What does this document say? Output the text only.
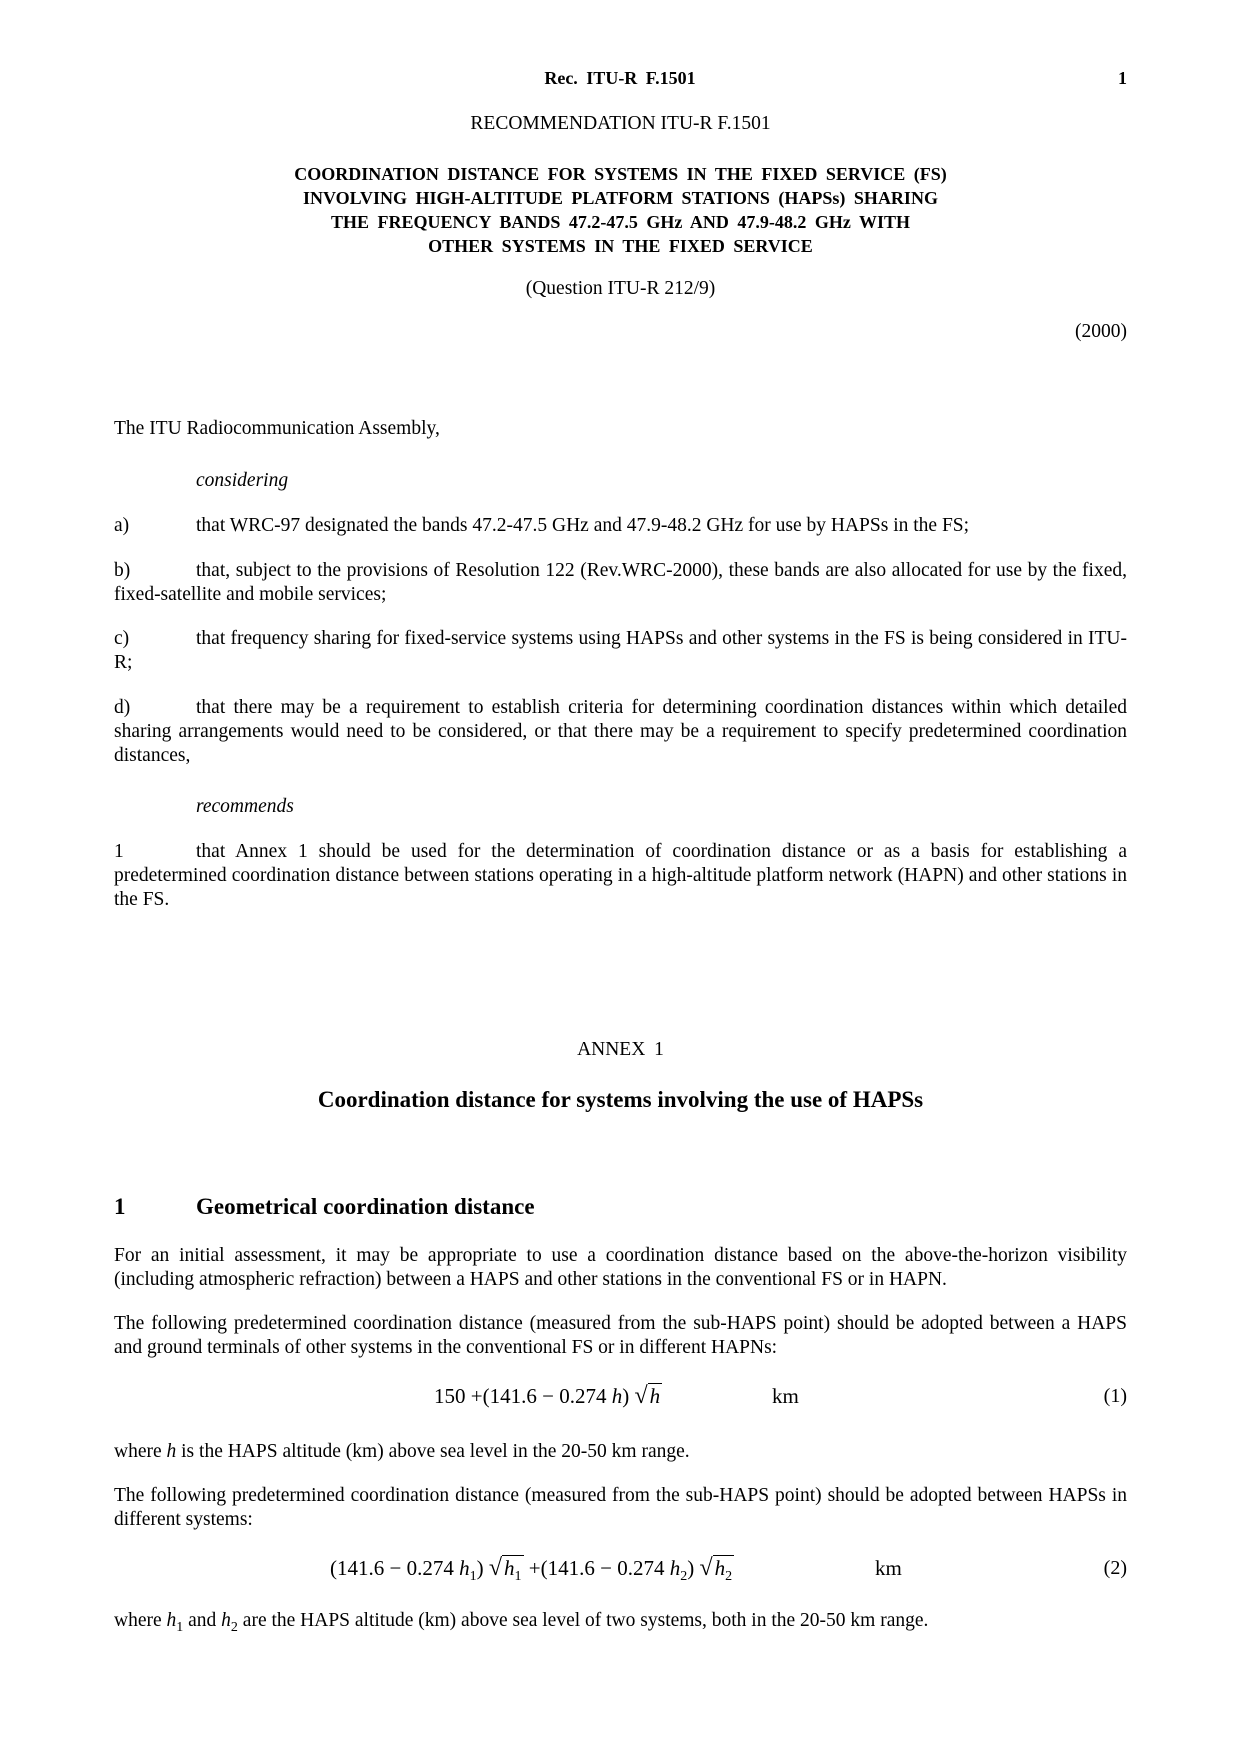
Rec. ITU-R F.1501	1
RECOMMENDATION ITU-R F.1501
COORDINATION DISTANCE FOR SYSTEMS IN THE FIXED SERVICE (FS)
INVOLVING HIGH-ALTITUDE PLATFORM STATIONS (HAPSs) SHARING
THE FREQUENCY BANDS 47.2-47.5 GHz AND 47.9-48.2 GHz WITH
OTHER SYSTEMS IN THE FIXED SERVICE
(Question ITU-R 212/9)
(2000)
The ITU Radiocommunication Assembly,
considering
a)	that WRC-97 designated the bands 47.2-47.5 GHz and 47.9-48.2 GHz for use by HAPSs in the FS;
b)	that, subject to the provisions of Resolution 122 (Rev.WRC-2000), these bands are also allocated for use by the fixed, fixed-satellite and mobile services;
c)	that frequency sharing for fixed-service systems using HAPSs and other systems in the FS is being considered in ITU-R;
d)	that there may be a requirement to establish criteria for determining coordination distances within which detailed sharing arrangements would need to be considered, or that there may be a requirement to specify predetermined coordination distances,
recommends
1	that Annex 1 should be used for the determination of coordination distance or as a basis for establishing a predetermined coordination distance between stations operating in a high-altitude platform network (HAPN) and other stations in the FS.
ANNEX 1
Coordination distance for systems involving the use of HAPSs
1	Geometrical coordination distance
For an initial assessment, it may be appropriate to use a coordination distance based on the above-the-horizon visibility (including atmospheric refraction) between a HAPS and other stations in the conventional FS or in HAPN.
The following predetermined coordination distance (measured from the sub-HAPS point) should be adopted between a HAPS and ground terminals of other systems in the conventional FS or in different HAPNs:
150 +(141.6 − 0.274 h) √h	km	(1)
where h is the HAPS altitude (km) above sea level in the 20-50 km range.
The following predetermined coordination distance (measured from the sub-HAPS point) should be adopted between HAPSs in different systems:
(141.6 − 0.274 $h_1$) $√h_1 +(141.6 - 0.274$ $h_2$) $√h_2$	km	(2)
where $h_1$ and $h_2$ are the HAPS altitude (km) above sea level of two systems, both in the 20-50 km range.
